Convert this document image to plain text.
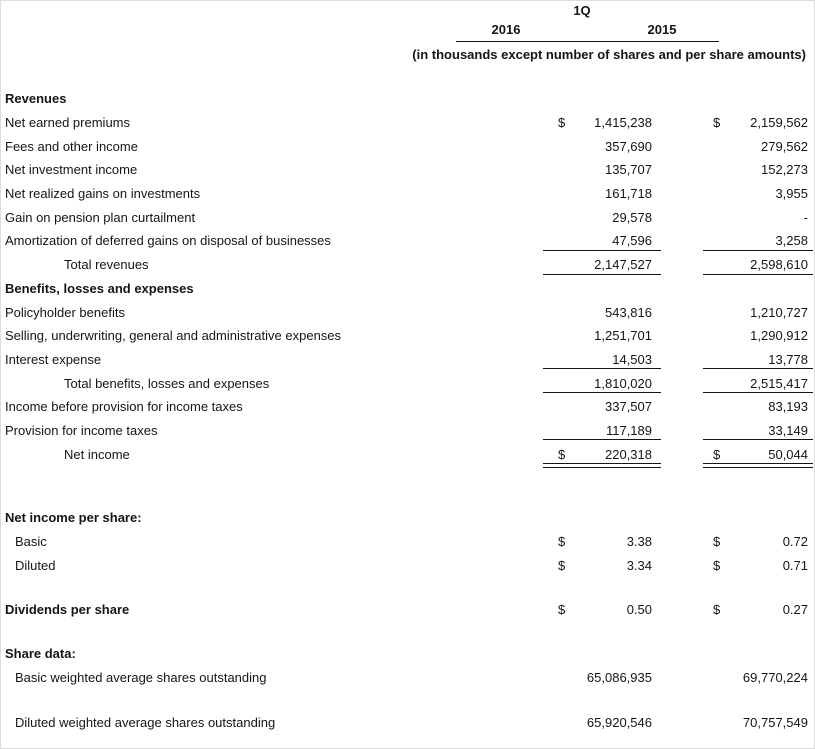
1Q
2016	2015
(in thousands except number of shares and per share amounts)
Revenues
Net earned premiums	$ 1,415,238	$ 2,159,562
Fees and other income	357,690	279,562
Net investment income	135,707	152,273
Net realized gains on investments	161,718	3,955
Gain on pension plan curtailment	29,578	-
Amortization of deferred gains on disposal of businesses	47,596	3,258
Total revenues	2,147,527	2,598,610
Benefits, losses and expenses
Policyholder benefits	543,816	1,210,727
Selling, underwriting, general and administrative expenses	1,251,701	1,290,912
Interest expense	14,503	13,778
Total benefits, losses and expenses	1,810,020	2,515,417
Income before provision for income taxes	337,507	83,193
Provision for income taxes	117,189	33,149
Net income	$	220,318	$	50,044
Net income per share:
Basic	$	3.38	$	0.72
Diluted	$	3.34	$	0.71
Dividends per share	$	0.50	$	0.27
Share data:
Basic weighted average shares outstanding	65,086,935	69,770,224
Diluted weighted average shares outstanding	65,920,546	70,757,549
